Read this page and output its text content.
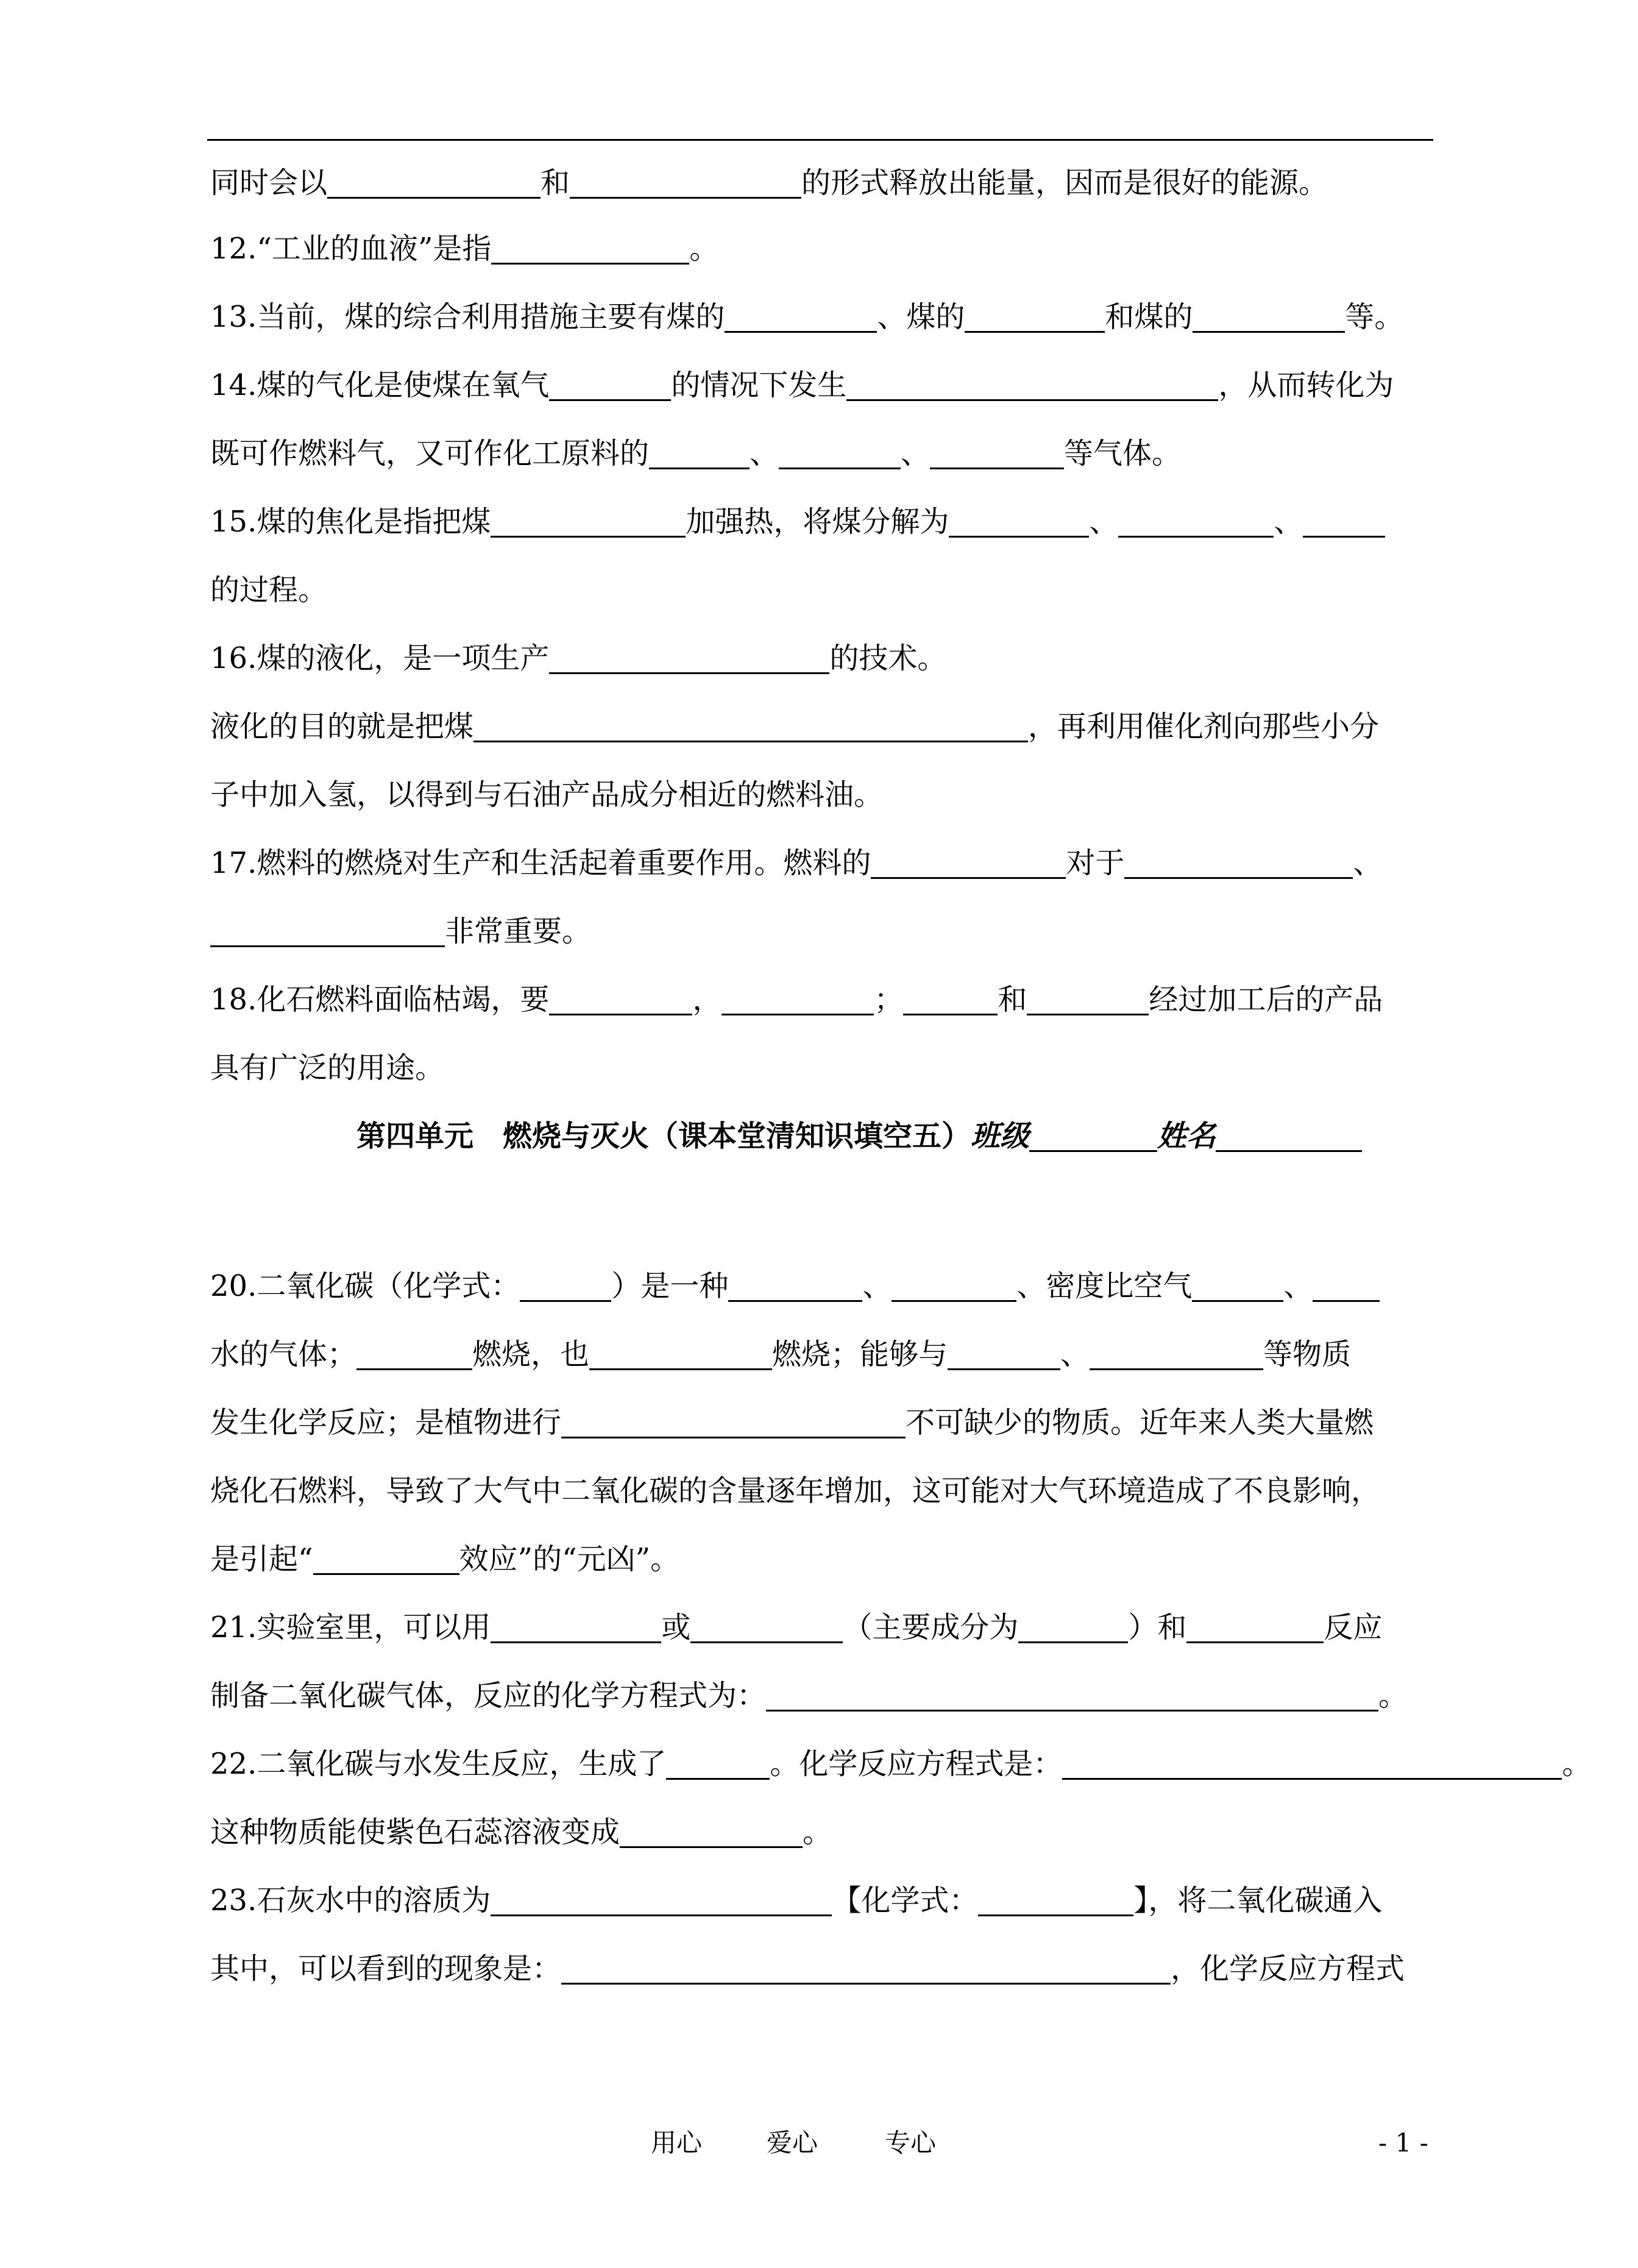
同时会以	和	的形式释放出能量，因而是很好的能源。
12.“工业的血液”是指	。
13.当前，煤的综合利用措施主要有煤的	、煤的	和煤的	等。
14.煤的气化是使煤在氧气	的情况下发生	，从而转化为
既可作燃料气，又可作化工原料的	、	、	等气体。
15.煤的焦化是指把煤	加强热，将煤分解为	、	、
的过程。
16.煤的液化，是一项生产	的技术。
液化的目的就是把煤	，再利用催化剂向那些小分
子中加入氢，以得到与石油产品成分相近的燃料油。
17.燃料的燃烧对生产和生活起着重要作用。燃料的	对于	、
非常重要。
18.化石燃料面临枯竭，要	，	；	和	经过加工后的产品
具有广泛的用途。
第四单元　燃烧与灭火（课本堂清知识填空五）班级	姓名
20.二氧化碳（化学式：	）是一种	、	、密度比空气	、
水的气体；	燃烧，也	燃烧；能够与	、	等物质
发生化学反应；是植物进行	不可缺少的物质。近年来人类大量燃
烧化石燃料，导致了大气中二氧化碳的含量逐年增加，这可能对大气环境造成了不良影响，
是引起“	效应”的“元凶”。
21.实验室里，可以用	或	（主要成分为	）和	反应
制备二氧化碳气体，反应的化学方程式为：	。
22.二氧化碳与水发生反应，生成了	。化学反应方程式是：	。
这种物质能使紫色石蕊溶液变成	。
23.石灰水中的溶质为	【化学式：	】，将二氧化碳通入
其中，可以看到的现象是：	，化学反应方程式
用心	爱心	专心	- 1 -
